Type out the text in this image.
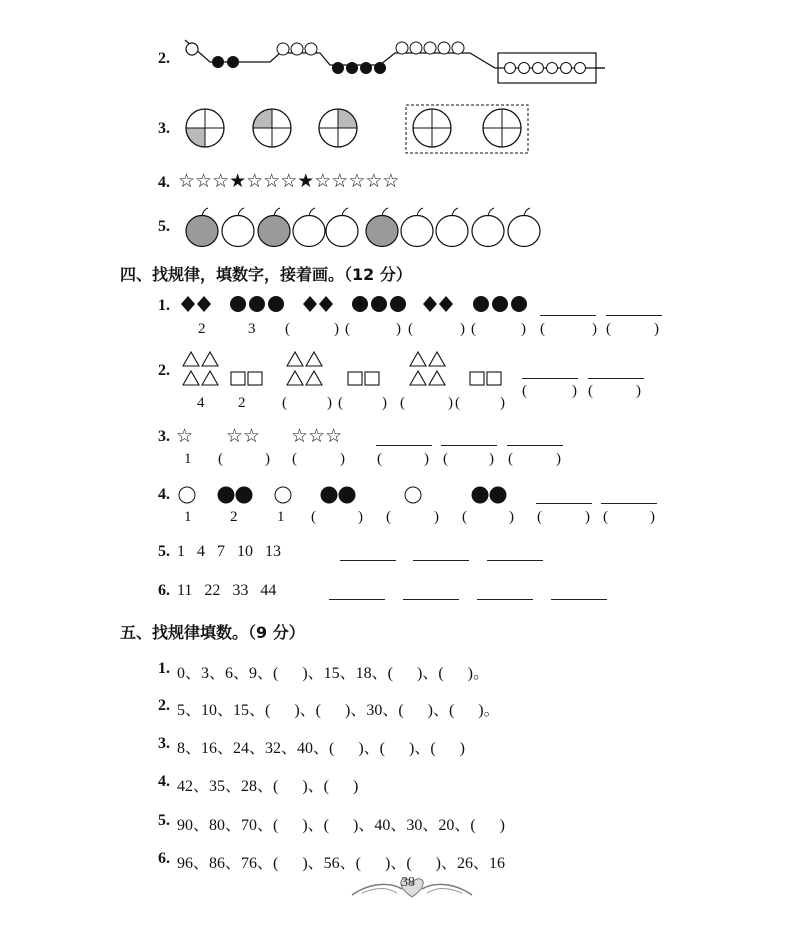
2.
3.
4. ☆☆☆★☆☆☆★☆☆☆☆☆
5.
四、找规律，填数字，接着画。（12 分）
1.
2	3 (	) (	) (	) (	) (	) (	)
2.
4 2 (	) (	) (	) (	)
(	) (	)
3. ☆ ☆☆ ☆☆☆
1 (	) (	) (	) (	) (	)
4.
1	2	1 (	) (	) (	) (	) (	)
5. 1   4   7   10   13
6. 11   22   33   44
五、找规律填数。（9 分）
1. 0、3、6、9、(      )、15、18、(      )、(      )。
2. 5、10、15、(      )、(      )、30、(      )、(      )。
3. 8、16、24、32、40、(      )、(      )、(      )
4. 42、35、28、(      )、(      )
5. 90、80、70、(      )、(      )、40、30、20、(      )
6. 96、86、76、(      )、56、(      )、(      )、26、16
38
